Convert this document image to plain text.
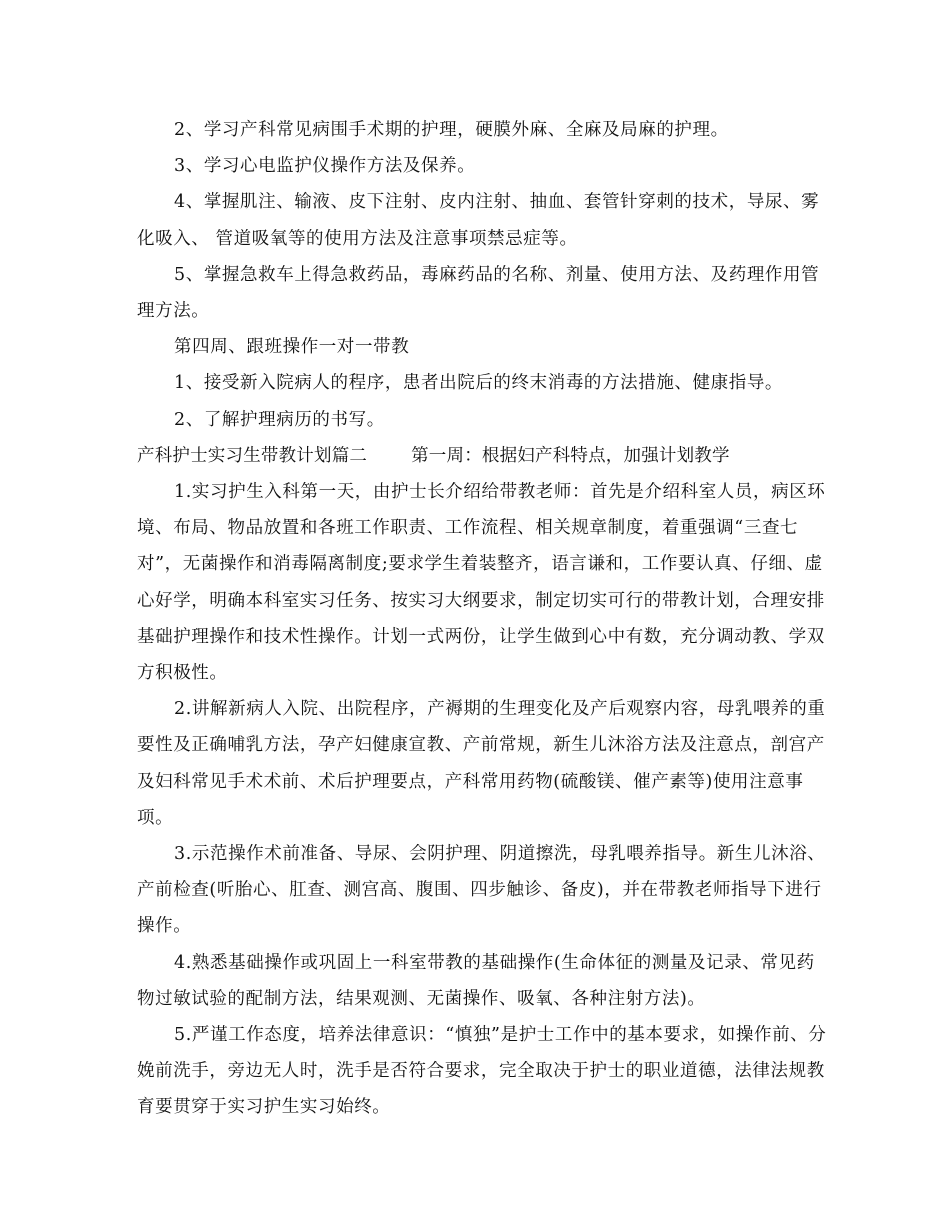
2、学习产科常见病围手术期的护理，硬膜外麻、全麻及局麻的护理。

3、学习心电监护仪操作方法及保养。

4、掌握肌注、输液、皮下注射、皮内注射、抽血、套管针穿刺的技术，导尿、雾化吸入、 管道吸氧等的使用方法及注意事项禁忌症等。

5、掌握急救车上得急救药品，毒麻药品的名称、剂量、使用方法、及药理作用管理方法。

第四周、跟班操作一对一带教

1、接受新入院病人的程序，患者出院后的终末消毒的方法措施、健康指导。

2、了解护理病历的书写。

产科护士实习生带教计划篇二	第一周：根据妇产科特点，加强计划教学

1.实习护生入科第一天，由护士长介绍给带教老师：首先是介绍科室人员，病区环境、布局、物品放置和各班工作职责、工作流程、相关规章制度，着重强调“三查七对”，无菌操作和消毒隔离制度;要求学生着装整齐，语言谦和，工作要认真、仔细、虚心好学，明确本科室实习任务、按实习大纲要求，制定切实可行的带教计划，合理安排基础护理操作和技术性操作。计划一式两份，让学生做到心中有数，充分调动教、学双方积极性。

2.讲解新病人入院、出院程序，产褥期的生理变化及产后观察内容，母乳喂养的重要性及正确哺乳方法，孕产妇健康宣教、产前常规，新生儿沐浴方法及注意点，剖宫产及妇科常见手术术前、术后护理要点，产科常用药物(硫酸镁、催产素等)使用注意事项。

3.示范操作术前准备、导尿、会阴护理、阴道擦洗，母乳喂养指导。新生儿沐浴、产前检查(听胎心、肛查、测宫高、腹围、四步触诊、备皮)，并在带教老师指导下进行操作。

4.熟悉基础操作或巩固上一科室带教的基础操作(生命体征的测量及记录、常见药物过敏试验的配制方法，结果观测、无菌操作、吸氧、各种注射方法)。

5.严谨工作态度，培养法律意识：“慎独”是护士工作中的基本要求，如操作前、分娩前洗手，旁边无人时，洗手是否符合要求，完全取决于护士的职业道德，法律法规教育要贯穿于实习护生实习始终。
